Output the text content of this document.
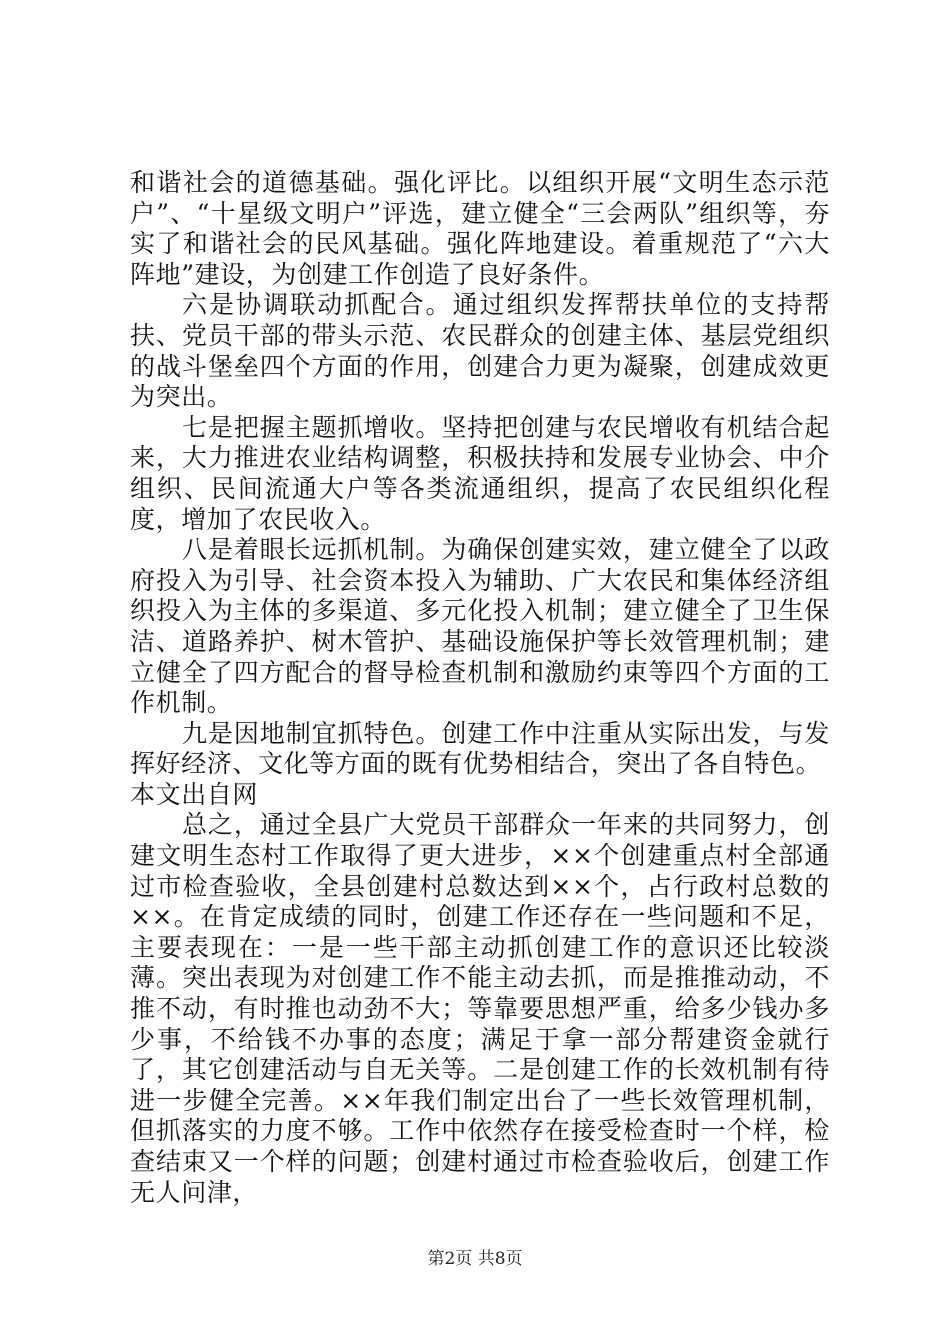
和谐社会的道德基础。强化评比。以组织开展“文明生态示范户”、“十星级文明户”评选，建立健全“三会两队”组织等，夯实了和谐社会的民风基础。强化阵地建设。着重规范了“六大阵地”建设，为创建工作创造了良好条件。

六是协调联动抓配合。通过组织发挥帮扶单位的支持帮扶、党员干部的带头示范、农民群众的创建主体、基层党组织的战斗堡垒四个方面的作用，创建合力更为凝聚，创建成效更为突出。

七是把握主题抓增收。坚持把创建与农民增收有机结合起来，大力推进农业结构调整，积极扶持和发展专业协会、中介组织、民间流通大户等各类流通组织，提高了农民组织化程度，增加了农民收入。

八是着眼长远抓机制。为确保创建实效，建立健全了以政府投入为引导、社会资本投入为辅助、广大农民和集体经济组织投入为主体的多渠道、多元化投入机制；建立健全了卫生保洁、道路养护、树木管护、基础设施保护等长效管理机制；建立健全了四方配合的督导检查机制和激励约束等四个方面的工作机制。

九是因地制宜抓特色。创建工作中注重从实际出发，与发挥好经济、文化等方面的既有优势相结合，突出了各自特色。

本文出自网

总之，通过全县广大党员干部群众一年来的共同努力，创建文明生态村工作取得了更大进步，××个创建重点村全部通过市检查验收，全县创建村总数达到××个，占行政村总数的××。在肯定成绩的同时，创建工作还存在一些问题和不足，主要表现在：一是一些干部主动抓创建工作的意识还比较淡薄。突出表现为对创建工作不能主动去抓，而是推推动动，不推不动，有时推也动劲不大；等靠要思想严重，给多少钱办多少事，不给钱不办事的态度；满足于拿一部分帮建资金就行了，其它创建活动与自无关等。二是创建工作的长效机制有待进一步健全完善。××年我们制定出台了一些长效管理机制，但抓落实的力度不够。工作中依然存在接受检查时一个样，检查结束又一个样的问题；创建村通过市检查验收后，创建工作无人问津，

第2页 共8页
